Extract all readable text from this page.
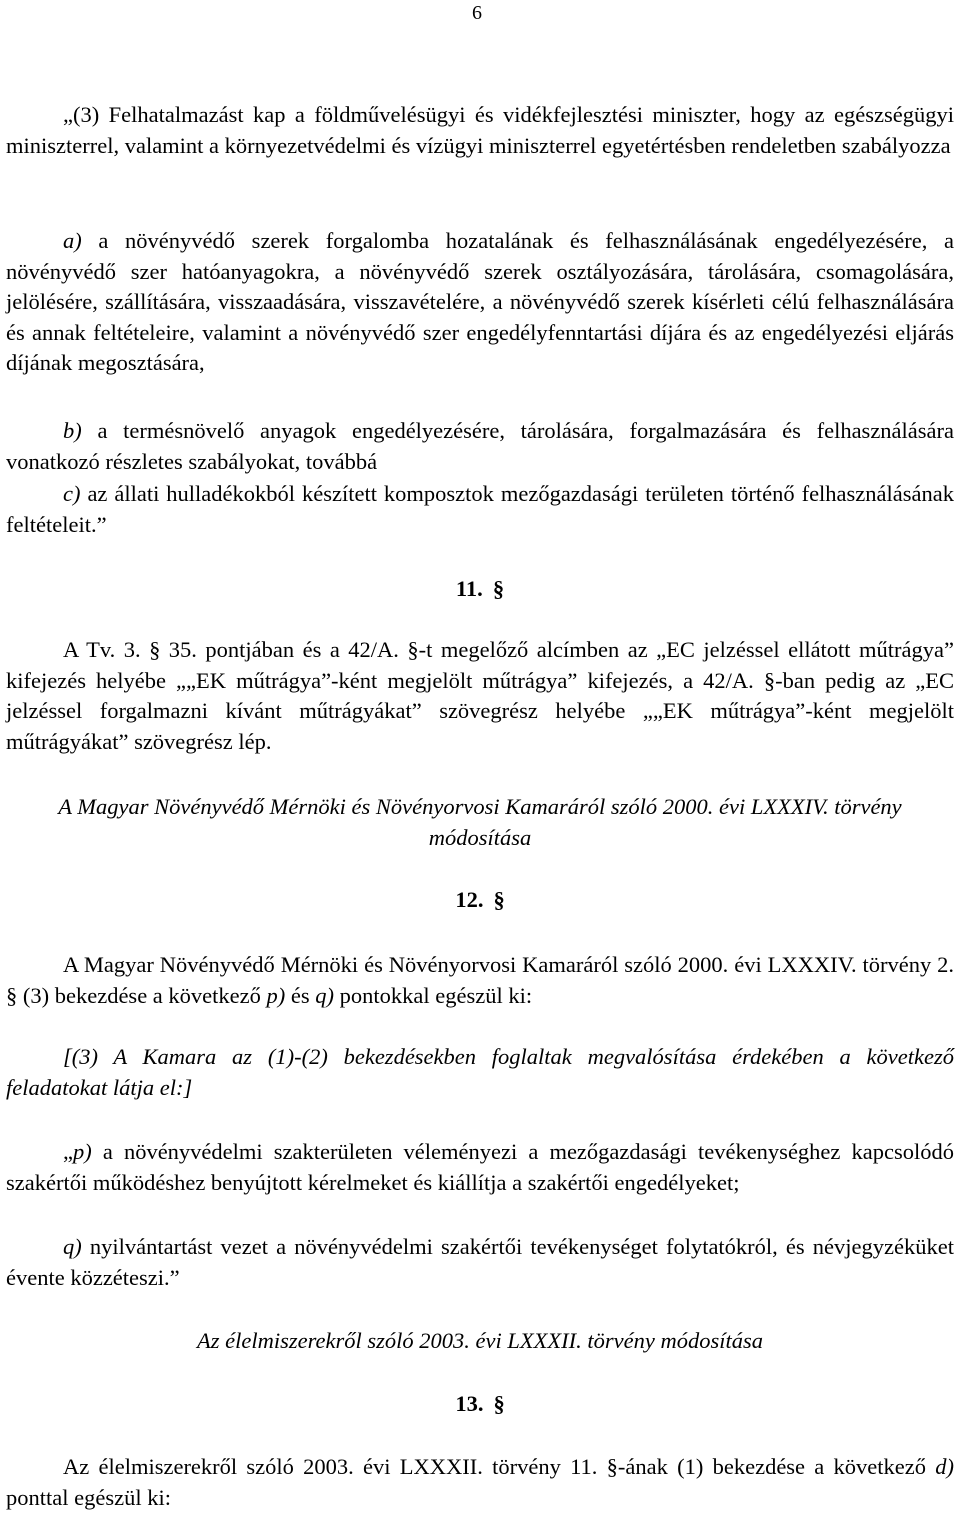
6

„(3) Felhatalmazást kap a földművelésügyi és vidékfejlesztési miniszter, hogy az egészségügyi miniszterrel, valamint a környezetvédelmi és vízügyi miniszterrel egyetértésben rendeletben szabályozza

a) a növényvédő szerek forgalomba hozatalának és felhasználásának engedélyezésére, a növényvédő szer hatóanyagokra, a növényvédő szerek osztályozására, tárolására, csomagolására, jelölésére, szállítására, visszaadására, visszavételére, a növényvédő szerek kísérleti célú felhasználására és annak feltételeire, valamint a növényvédő szer engedélyfenntartási díjára és az engedélyezési eljárás díjának megosztására,

b) a termésnövelő anyagok engedélyezésére, tárolására, forgalmazására és felhasználására vonatkozó részletes szabályokat, továbbá

c) az állati hulladékokból készített komposztok mezőgazdasági területen történő felhasználásának feltételeit.”

11. §

A Tv. 3. § 35. pontjában és a 42/A. §-t megelőző alcímben az „EC jelzéssel ellátott műtrágya” kifejezés helyébe „„EK műtrágya”-ként megjelölt műtrágya” kifejezés, a 42/A. §-ban pedig az „EC jelzéssel forgalmazni kívánt műtrágyákat” szövegrész helyébe „„EK műtrágya”-ként megjelölt műtrágyákat” szövegrész lép.

A Magyar Növényvédő Mérnöki és Növényorvosi Kamaráról szóló 2000. évi LXXXIV. törvény módosítása

12. §

A Magyar Növényvédő Mérnöki és Növényorvosi Kamaráról szóló 2000. évi LXXXIV. törvény 2. § (3) bekezdése a következő p) és q) pontokkal egészül ki:

[(3) A Kamara az (1)-(2) bekezdésekben foglaltak megvalósítása érdekében a következő feladatokat látja el:]

„p) a növényvédelmi szakterületen véleményezi a mezőgazdasági tevékenységhez kapcsolódó szakértői működéshez benyújtott kérelmeket és kiállítja a szakértői engedélyeket;

q) nyilvántartást vezet a növényvédelmi szakértői tevékenységet folytatókról, és névjegyzéküket évente közzéteszi.”

Az élelmiszerekről szóló 2003. évi LXXXII. törvény módosítása

13. §

Az élelmiszerekről szóló 2003. évi LXXXII. törvény 11. §-ának (1) bekezdése a következő d) ponttal egészül ki:
